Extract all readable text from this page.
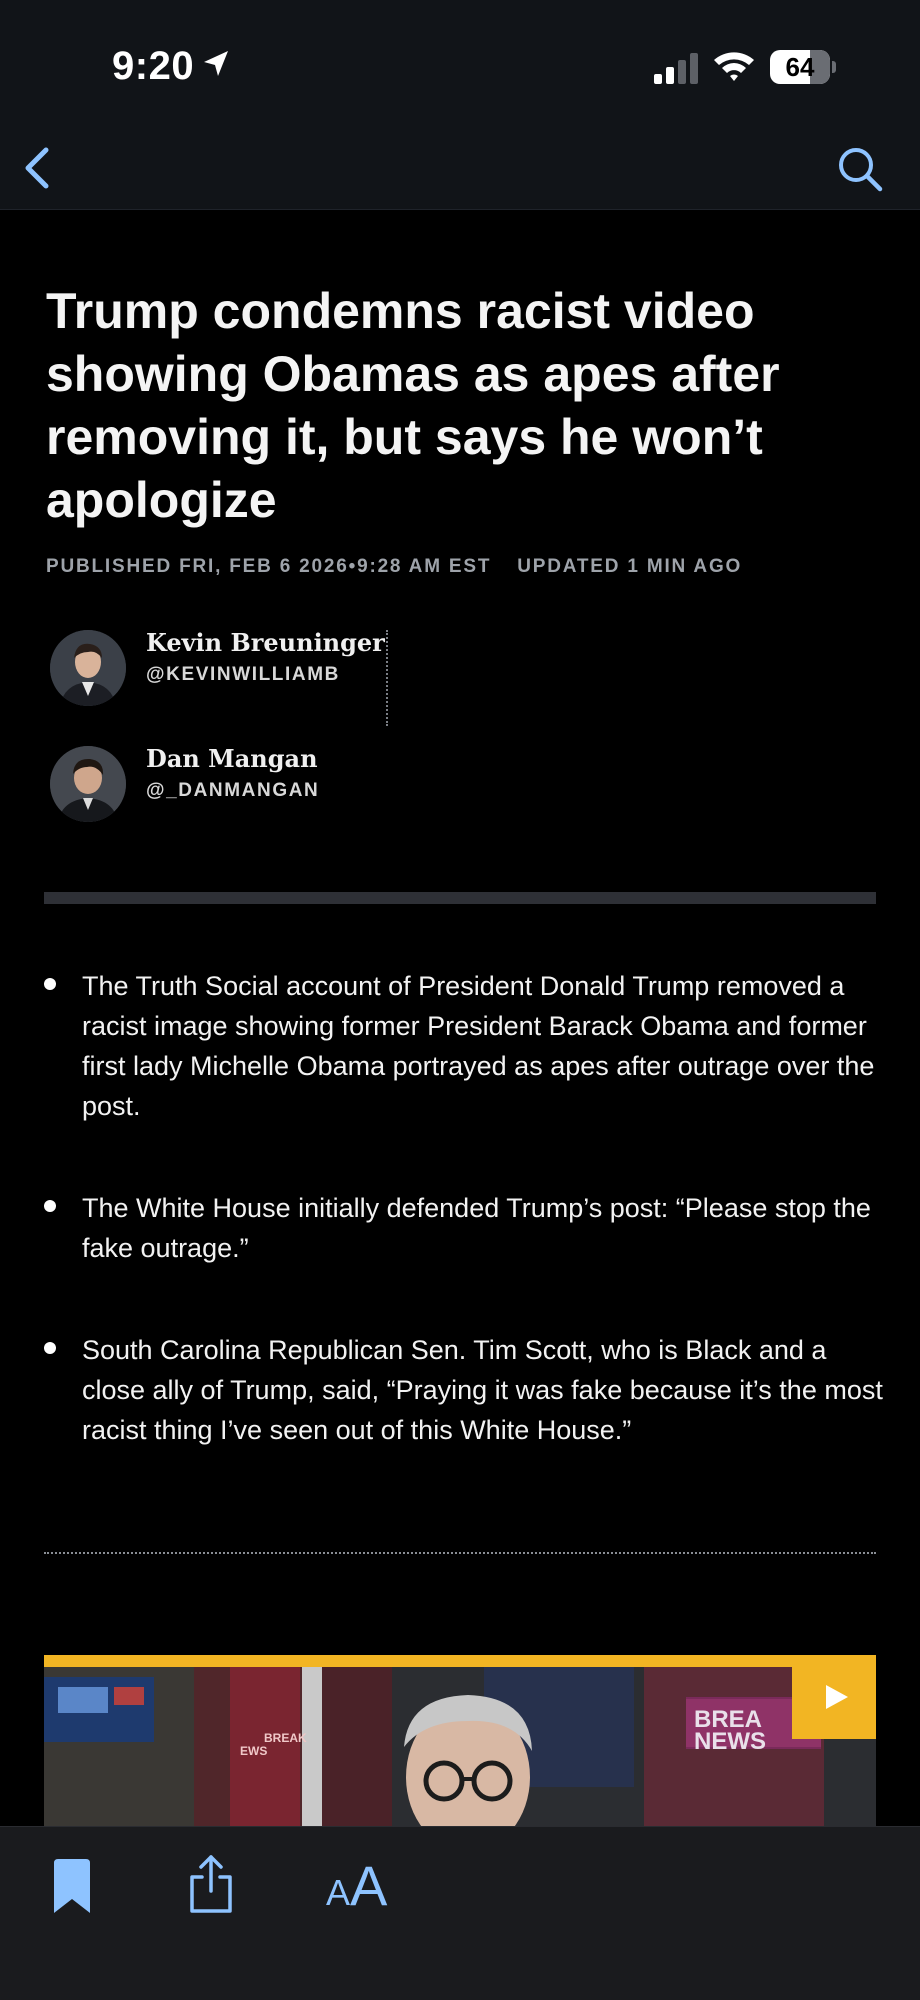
9:20	64
Trump condemns racist video showing Obamas as apes after removing it, but says he won’t apologize
PUBLISHED FRI, FEB 6 2026•9:28 AM EST UPDATED 1 MIN AGO
Kevin Breuninger
@KEVINWILLIAMB
Dan Mangan
@_DANMANGAN
The Truth Social account of President Donald Trump removed a racist image showing former President Barack Obama and former first lady Michelle Obama portrayed as apes after outrage over the post.
The White House initially defended Trump’s post: “Please stop the fake outrage.”
South Carolina Republican Sen. Tim Scott, who is Black and a close ally of Trump, said, “Praying it was fake because it’s the most racist thing I’ve seen out of this White House.”
BREA
NEWS
BREAK
EWS
AA
